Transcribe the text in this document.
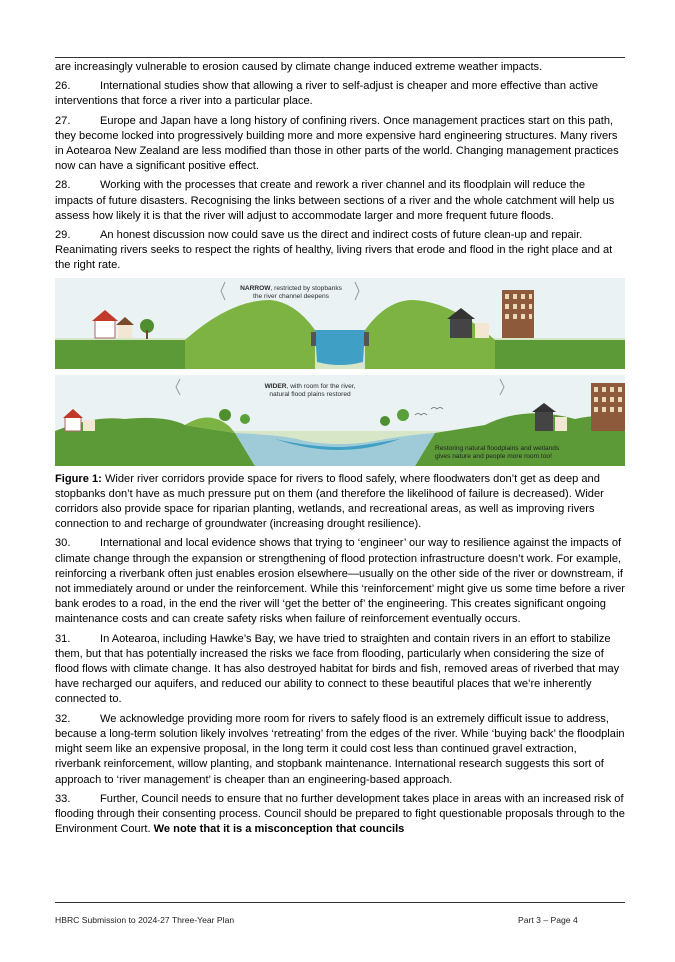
are increasingly vulnerable to erosion caused by climate change induced extreme weather impacts.

26.	International studies show that allowing a river to self-adjust is cheaper and more effective than active interventions that force a river into a particular place.

27.	Europe and Japan have a long history of confining rivers. Once management practices start on this path, they become locked into progressively building more and more expensive hard engineering structures. Many rivers in Aotearoa New Zealand are less modified than those in other parts of the world. Changing management practices now can have a significant positive effect.

28.	Working with the processes that create and rework a river channel and its floodplain will reduce the impacts of future disasters. Recognising the links between sections of a river and the whole catchment will help us assess how likely it is that the river will adjust to accommodate larger and more frequent future floods.

29.	An honest discussion now could save us the direct and indirect costs of future clean-up and repair. Reanimating rivers seeks to respect the rights of healthy, living rivers that erode and flood in the right place and at the right rate.

NARROW, restricted by stopbanks
the river channel deepens
WIDER, with room for the river,
natural flood plains restored
Restoring natural floodplains and wetlands
gives nature and people more room too!

Figure 1: Wider river corridors provide space for rivers to flood safely, where floodwaters don’t get as deep and stopbanks don’t have as much pressure put on them (and therefore the likelihood of failure is decreased). Wider corridors also provide space for riparian planting, wetlands, and recreational areas, as well as improving rivers connection to and recharge of groundwater (increasing drought resilience).

30.	International and local evidence shows that trying to ‘engineer’ our way to resilience against the impacts of climate change through the expansion or strengthening of flood protection infrastructure doesn’t work. For example, reinforcing a riverbank often just enables erosion elsewhere—usually on the other side of the river or downstream, if not immediately around or under the reinforcement. While this ‘reinforcement’ might give us some time before a river bank erodes to a road, in the end the river will ‘get the better of’ the engineering. This creates significant ongoing maintenance costs and can create safety risks when failure of reinforcement eventually occurs.

31.	In Aotearoa, including Hawke’s Bay, we have tried to straighten and contain rivers in an effort to stabilize them, but that has potentially increased the risks we face from flooding, particularly when considering the size of flood flows with climate change. It has also destroyed habitat for birds and fish, removed areas of riverbed that may have recharged our aquifers, and reduced our ability to connect to these beautiful places that we’re inherently connected to.

32.	We acknowledge providing more room for rivers to safely flood is an extremely difficult issue to address, because a long-term solution likely involves ‘retreating’ from the edges of the river. While ‘buying back’ the floodplain might seem like an expensive proposal, in the long term it could cost less than continued gravel extraction, riverbank reinforcement, willow planting, and stopbank maintenance. International research suggests this sort of approach to ‘river management’ is cheaper than an engineering-based approach.

33.	Further, Council needs to ensure that no further development takes place in areas with an increased risk of flooding through their consenting process. Council should be prepared to fight questionable proposals through to the Environment Court. We note that it is a misconception that councils

HBRC Submission to 2024-27 Three-Year Plan	Part 3 – Page 4
